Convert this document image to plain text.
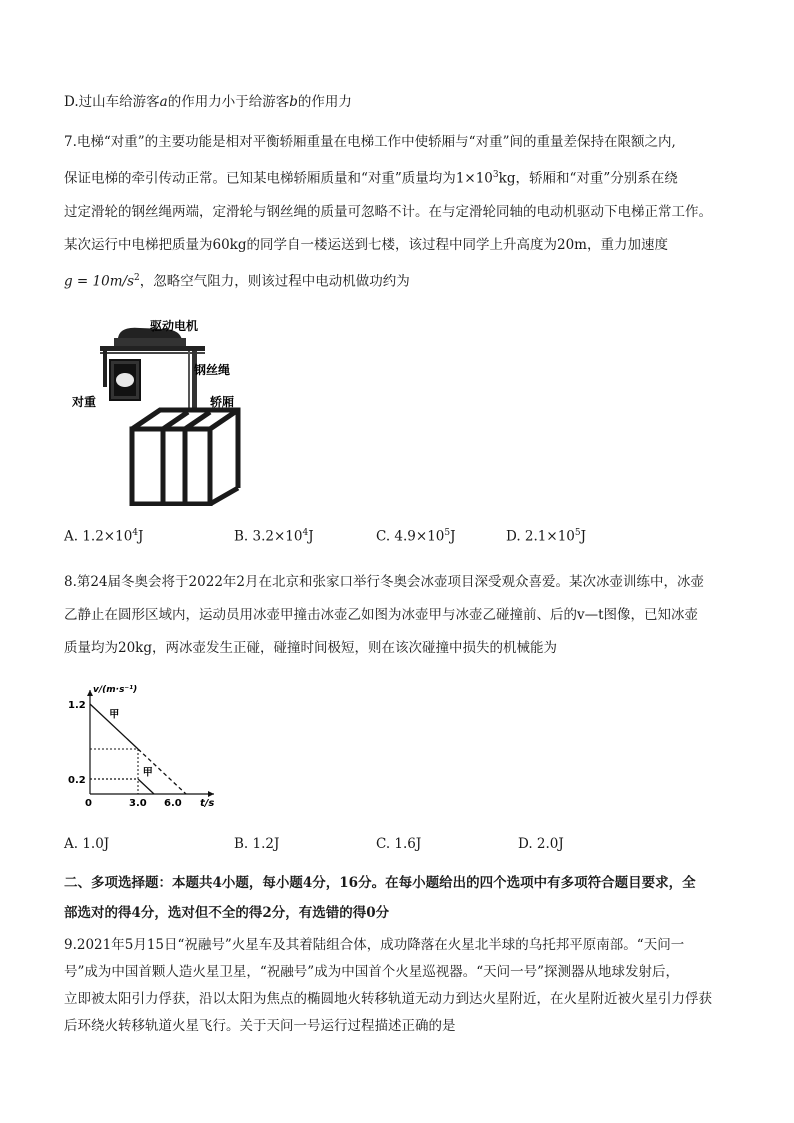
D.过山车给游客a的作用力小于给游客b的作用力
7.电梯“对重”的主要功能是相对平衡轿厢重量在电梯工作中使轿厢与“对重”间的重量差保持在限额之内,
保证电梯的牵引传动正常。已知某电梯轿厢质量和“对重”质量均为$1\times 10^3kg$，轿厢和“对重”分别系在绕
过定滑轮的钢丝绳两端，定滑轮与钢丝绳的质量可忽略不计。在与定滑轮同轴的电动机驱动下电梯正常工作。
某次运行中电梯把质量为60kg的同学自一楼运送到七楼，该过程中同学上升高度为20m，重力加速度
$g = 10m/s^2$，忽略空气阻力，则该过程中电动机做功约为
驱动电机
钢丝绳
对重	轿厢
A. $1.2\times 10^4J$	B. $3.2\times 10^4J$	C. $4.9\times 10^5J$	D. $2.1\times 10^5J$
8.第24届冬奥会将于2022年2月在北京和张家口举行冬奥会冰壶项目深受观众喜爱。某次冰壶训练中，冰壶
乙静止在圆形区域内，运动员用冰壶甲撞击冰壶乙如图为冰壶甲与冰壶乙碰撞前、后的v—t图像，已知冰壶
质量均为20kg，两冰壶发生正碰，碰撞时间极短，则在该次碰撞中损失的机械能为
v/(m·s⁻¹)
t/s
0	3.0 6.0
1.2
0.2
甲
甲
A. 1.0J	B. 1.2J	C. 1.6J	D. 2.0J
二、多项选择题：本题共4小题，每小题4分，16分。在每小题给出的四个选项中有多项符合题目要求，全
部选对的得4分，选对但不全的得2分，有选错的得0分
9.2021年5月15日“祝融号”火星车及其着陆组合体，成功降落在火星北半球的乌托邦平原南部。“天问一
号”成为中国首颗人造火星卫星，“祝融号”成为中国首个火星巡视器。“天问一号”探测器从地球发射后，
立即被太阳引力俘获，沿以太阳为焦点的椭圆地火转移轨道无动力到达火星附近，在火星附近被火星引力俘获
后环绕火转移轨道火星飞行。关于天问一号运行过程描述正确的是
